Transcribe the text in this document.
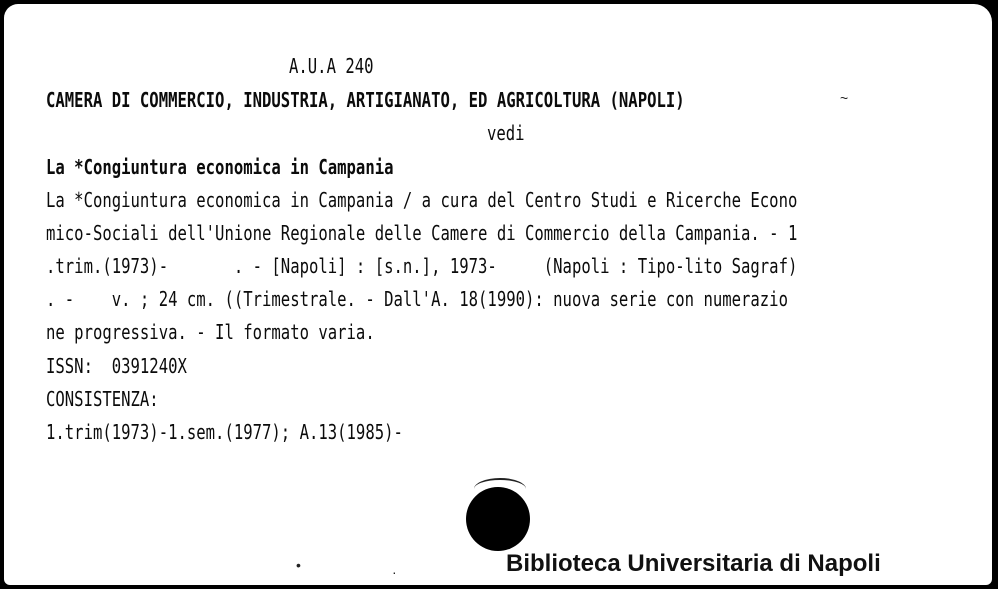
A.U.A 240

CAMERA DI COMMERCIO, INDUSTRIA, ARTIGIANATO, ED AGRICOLTURA (NAPOLI)	~

vedi

La *Congiuntura economica in Campania

La *Congiuntura economica in Campania / a cura del Centro Studi e Ricerche Econo

mico-Sociali dell'Unione Regionale delle Camere di Commercio della Campania. - 1

.trim.(1973)-       . - [Napoli] : [s.n.], 1973-     (Napoli : Tipo-lito Sagraf)

. -    v. ; 24 cm. ((Trimestrale. - Dall'A. 18(1990): nuova serie con numerazio

ne progressiva. - Il formato varia.

ISSN:  0391240X

CONSISTENZA:

1.trim(1973)-1.sem.(1977); A.13(1985)-

Biblioteca Universitaria di Napoli
•	·
